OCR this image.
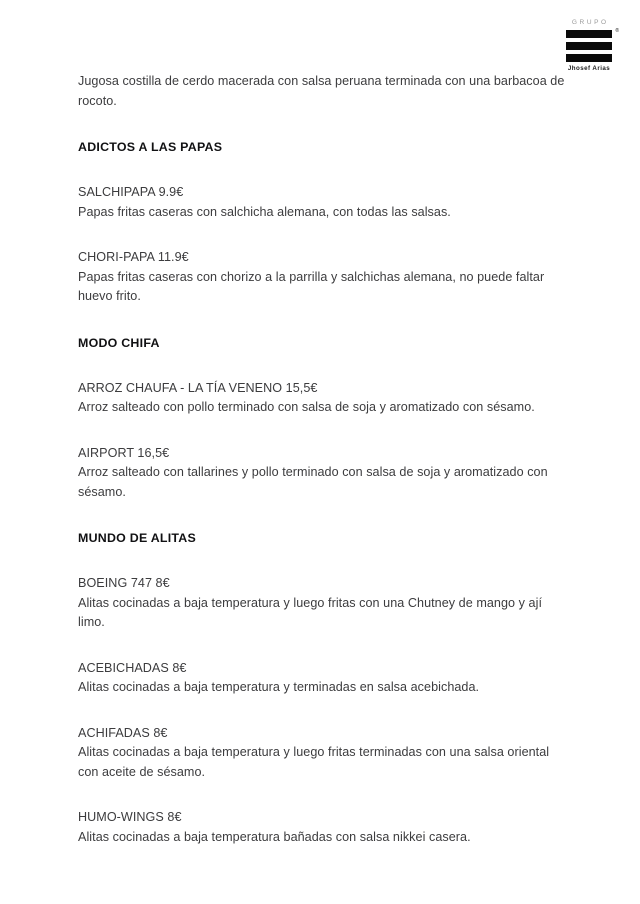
GRUPO
®
Jhosef Arias

Jugosa costilla de cerdo macerada con salsa peruana terminada con una barbacoa de rocoto.

ADICTOS A LAS PAPAS

SALCHIPAPA 9.9€

Papas fritas caseras con salchicha alemana, con todas las salsas.

CHORI-PAPA 11.9€

Papas fritas caseras con chorizo a la parrilla y salchichas alemana, no puede faltar huevo frito.

MODO CHIFA

ARROZ CHAUFA - LA TÍA VENENO 15,5€

Arroz salteado con pollo terminado con salsa de soja y aromatizado con sésamo.

AIRPORT 16,5€

Arroz salteado con tallarines y pollo terminado con salsa de soja y aromatizado con sésamo.

MUNDO DE ALITAS

BOEING 747 8€

Alitas cocinadas a baja temperatura y luego fritas con una Chutney de mango y ají limo.

ACEBICHADAS 8€

Alitas cocinadas a baja temperatura y terminadas en salsa acebichada.

ACHIFADAS 8€

Alitas cocinadas a baja temperatura y luego fritas terminadas con una salsa oriental con aceite de sésamo.

HUMO-WINGS 8€

Alitas cocinadas a baja temperatura bañadas con salsa nikkei casera.
